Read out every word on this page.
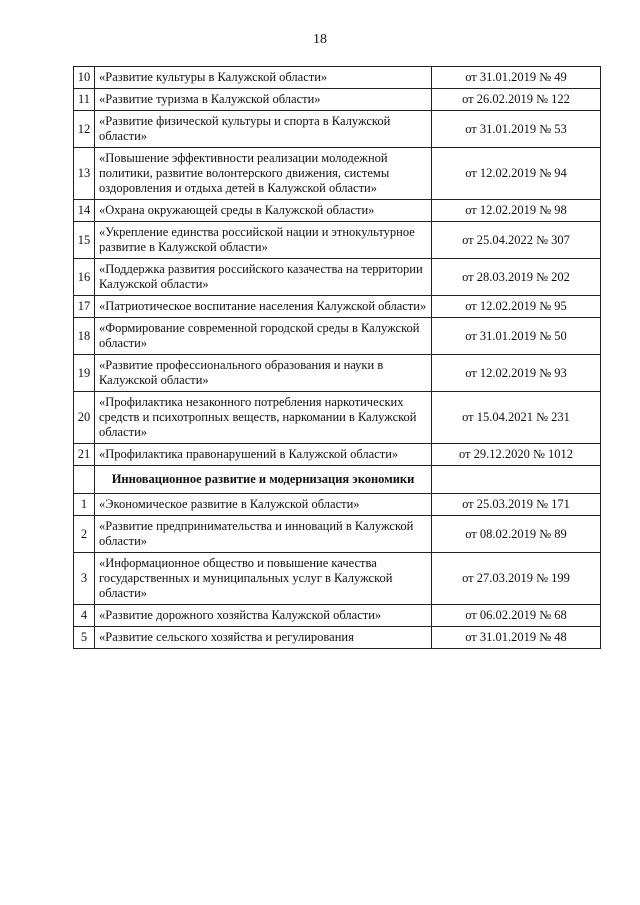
18
10	«Развитие культуры в Калужской области»	от 31.01.2019 № 49
11	«Развитие туризма в Калужской области»	от 26.02.2019 № 122
12	«Развитие физической культуры и спорта в Калужской области»	от 31.01.2019 № 53
13	«Повышение эффективности реализации молодежной политики, развитие волонтерского движения, системы оздоровления и отдыха детей в Калужской области»	от 12.02.2019 № 94
14	«Охрана окружающей среды в Калужской области»	от 12.02.2019 № 98
15	«Укрепление единства российской нации и этнокультурное развитие в Калужской области»	от 25.04.2022 № 307
16	«Поддержка развития российского казачества на территории Калужской области»	от 28.03.2019 № 202
17	«Патриотическое воспитание населения Калужской области»	от 12.02.2019 № 95
18	«Формирование современной городской среды в Калужской области»	от 31.01.2019 № 50
19	«Развитие профессионального образования и науки в Калужской области»	от 12.02.2019 № 93
20	«Профилактика незаконного потребления наркотических средств и психотропных веществ, наркомании в Калужской области»	от 15.04.2021 № 231
21	«Профилактика правонарушений в Калужской области»	от 29.12.2020 № 1012
	Инновационное развитие и модернизация экономики	
1	«Экономическое развитие в Калужской области»	от 25.03.2019 № 171
2	«Развитие предпринимательства и инноваций в Калужской области»	от 08.02.2019 № 89
3	«Информационное общество и повышение качества государственных и муниципальных услуг в Калужской области»	от 27.03.2019 № 199
4	«Развитие дорожного хозяйства Калужской области»	от 06.02.2019 № 68
5	«Развитие сельского хозяйства и регулирования	от 31.01.2019 № 48
